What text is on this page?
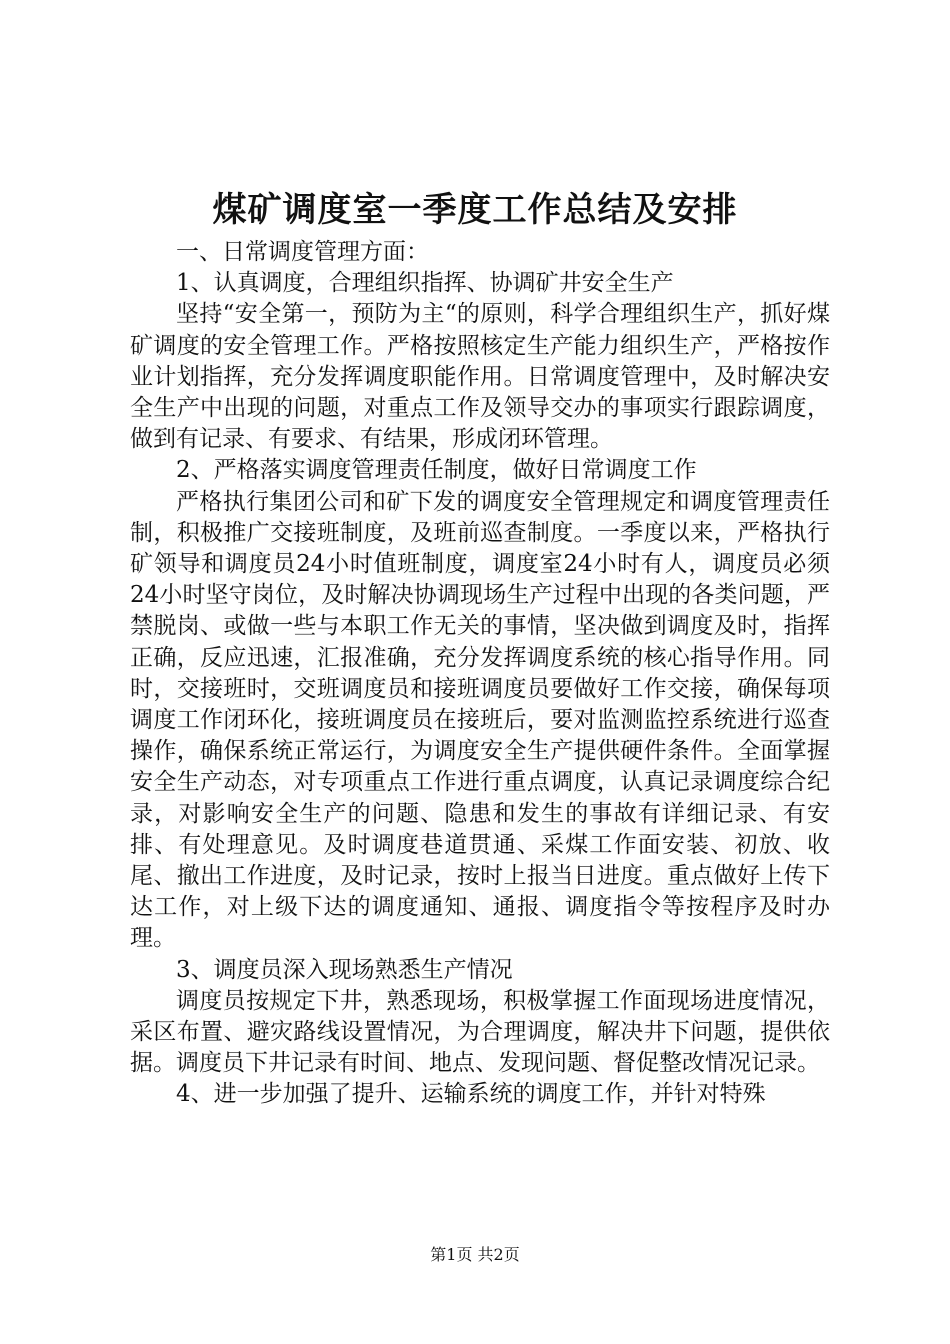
煤矿调度室一季度工作总结及安排

一、日常调度管理方面：

1、认真调度，合理组织指挥、协调矿井安全生产

坚持“安全第一，预防为主“的原则，科学合理组织生产，抓好煤矿调度的安全管理工作。严格按照核定生产能力组织生产，严格按作业计划指挥，充分发挥调度职能作用。日常调度管理中，及时解决安全生产中出现的问题，对重点工作及领导交办的事项实行跟踪调度，做到有记录、有要求、有结果，形成闭环管理。

2、严格落实调度管理责任制度，做好日常调度工作

严格执行集团公司和矿下发的调度安全管理规定和调度管理责任制，积极推广交接班制度，及班前巡查制度。一季度以来，严格执行矿领导和调度员24小时值班制度，调度室24小时有人，调度员必须24小时坚守岗位，及时解决协调现场生产过程中出现的各类问题，严禁脱岗、或做一些与本职工作无关的事情，坚决做到调度及时，指挥正确，反应迅速，汇报准确，充分发挥调度系统的核心指导作用。同时，交接班时，交班调度员和接班调度员要做好工作交接，确保每项调度工作闭环化，接班调度员在接班后，要对监测监控系统进行巡查操作，确保系统正常运行，为调度安全生产提供硬件条件。全面掌握安全生产动态，对专项重点工作进行重点调度，认真记录调度综合纪录，对影响安全生产的问题、隐患和发生的事故有详细记录、有安排、有处理意见。及时调度巷道贯通、采煤工作面安装、初放、收尾、撤出工作进度，及时记录，按时上报当日进度。重点做好上传下达工作，对上级下达的调度通知、通报、调度指令等按程序及时办理。

3、调度员深入现场熟悉生产情况

调度员按规定下井，熟悉现场，积极掌握工作面现场进度情况，采区布置、避灾路线设置情况，为合理调度，解决井下问题，提供依据。调度员下井记录有时间、地点、发现问题、督促整改情况记录。

4、进一步加强了提升、运输系统的调度工作，并针对特殊

第1页 共2页
